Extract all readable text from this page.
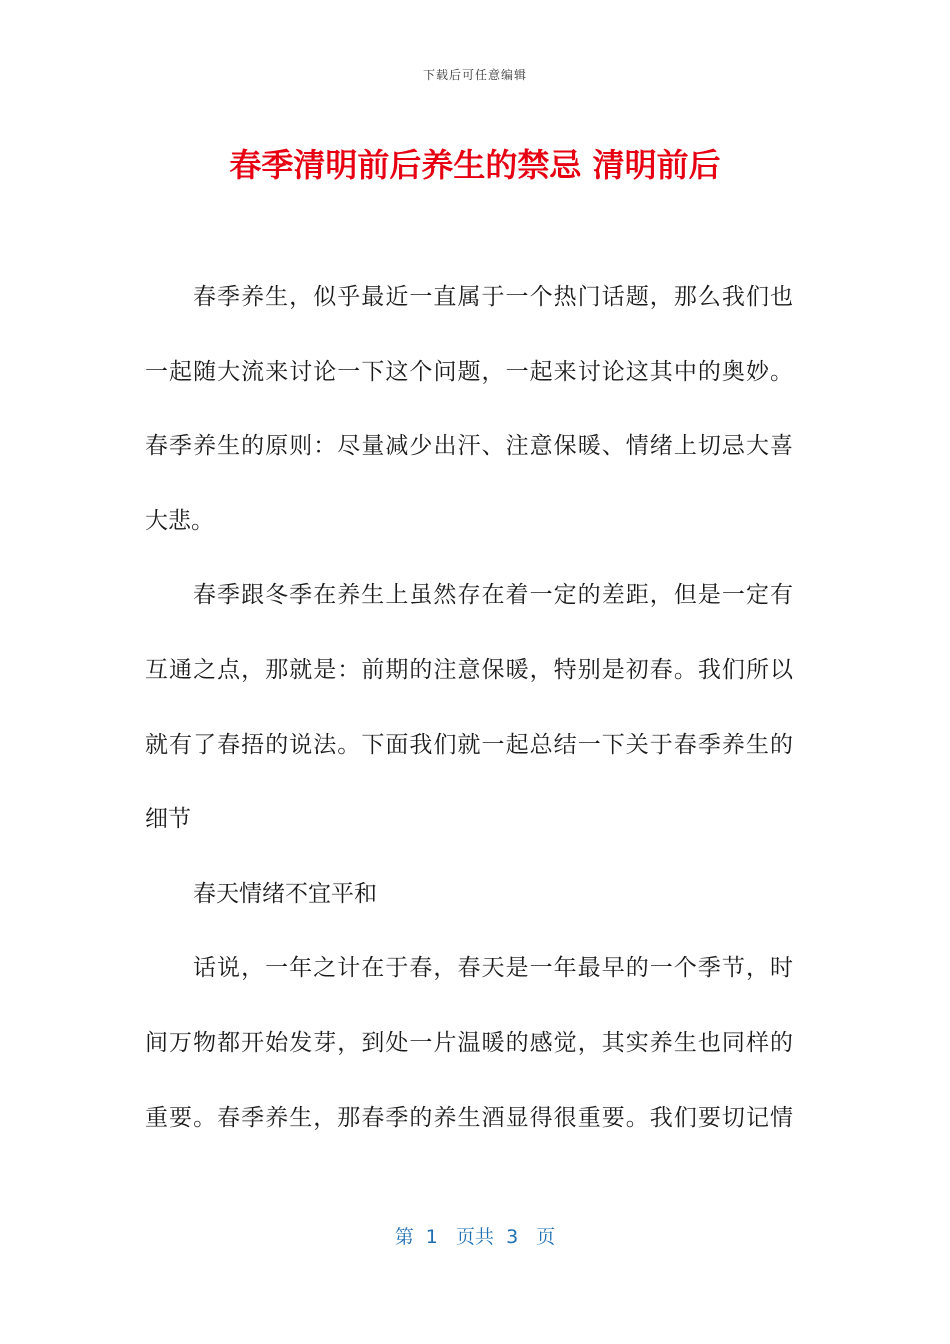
下载后可任意编辑
春季清明前后养生的禁忌 清明前后
春季养生，似乎最近一直属于一个热门话题，那么我们也
一起随大流来讨论一下这个问题，一起来讨论这其中的奥妙。
春季养生的原则：尽量减少出汗、注意保暖、情绪上切忌大喜
大悲。
春季跟冬季在养生上虽然存在着一定的差距，但是一定有
互通之点，那就是：前期的注意保暖，特别是初春。我们所以
就有了春捂的说法。下面我们就一起总结一下关于春季养生的
细节
春天情绪不宜平和
话说，一年之计在于春，春天是一年最早的一个季节，时
间万物都开始发芽，到处一片温暖的感觉，其实养生也同样的
重要。春季养生，那春季的养生酒显得很重要。我们要切记情
第  1   页共  3   页
